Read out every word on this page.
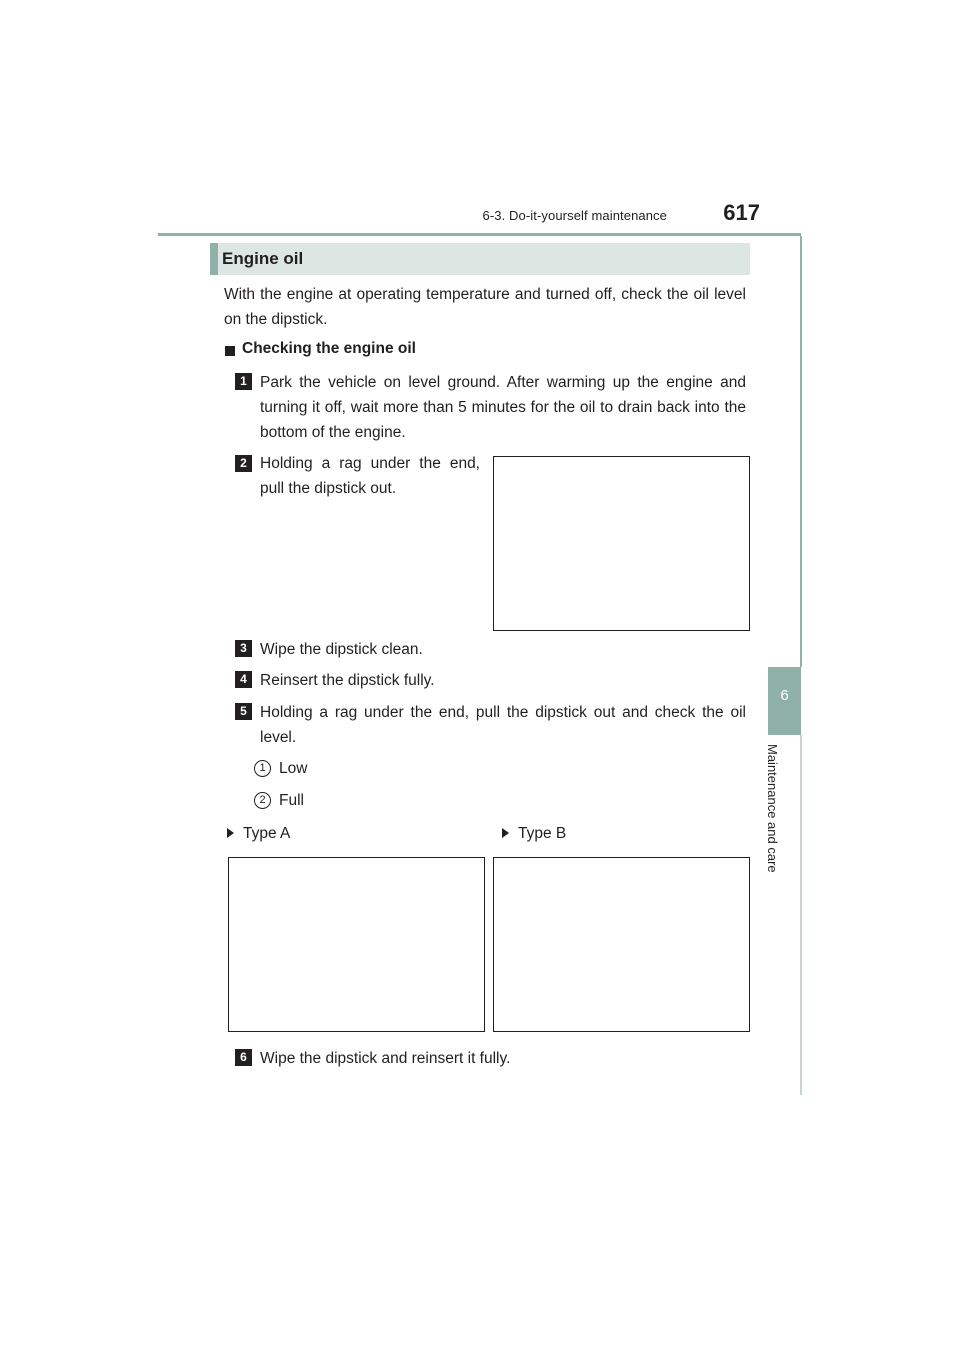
6-3. Do-it-yourself maintenance	617
6
Maintenance and care
Engine oil
With the engine at operating temperature and turned off, check the oil level on the dipstick.
Checking the engine oil
1 Park the vehicle on level ground. After warming up the engine and turning it off, wait more than 5 minutes for the oil to drain back into the bottom of the engine.
2 Holding a rag under the end, pull the dipstick out.
3 Wipe the dipstick clean.
4 Reinsert the dipstick fully.
5 Holding a rag under the end, pull the dipstick out and check the oil level.
1 Low
2 Full
Type A	Type B
6 Wipe the dipstick and reinsert it fully.
